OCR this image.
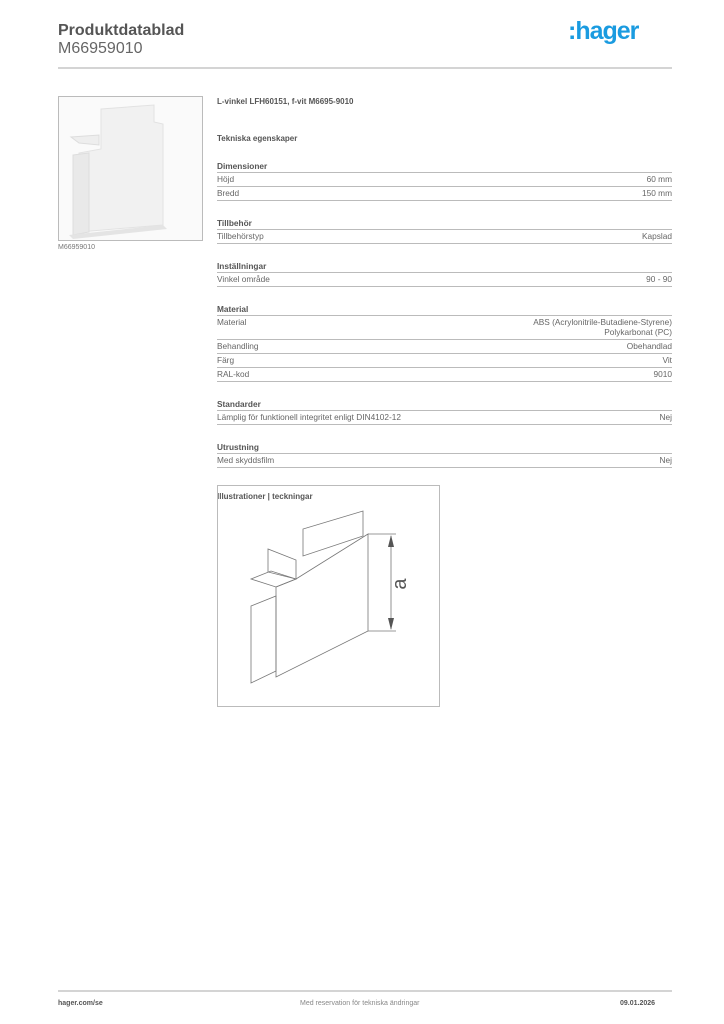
Produktdatablad
M66959010
:hager
M66959010
L-vinkel LFH60151, f-vit M6695-9010
Tekniska egenskaper
Dimensioner
Höjd	60 mm
Bredd	150 mm
Tillbehör
Tillbehörstyp	Kapslad
Inställningar
Vinkel område	90 - 90
Material
Material	ABS (Acrylonitrile-Butadiene-Styrene)
Polykarbonat (PC)
Behandling	Obehandlad
Färg	Vit
RAL-kod	9010
Standarder
Lämplig för funktionell integritet enligt DIN4102-12	Nej
Utrustning
Med skyddsfilm	Nej
Illustrationer | teckningar
a
hager.com/se	Med reservation för tekniska ändringar	09.01.2026
